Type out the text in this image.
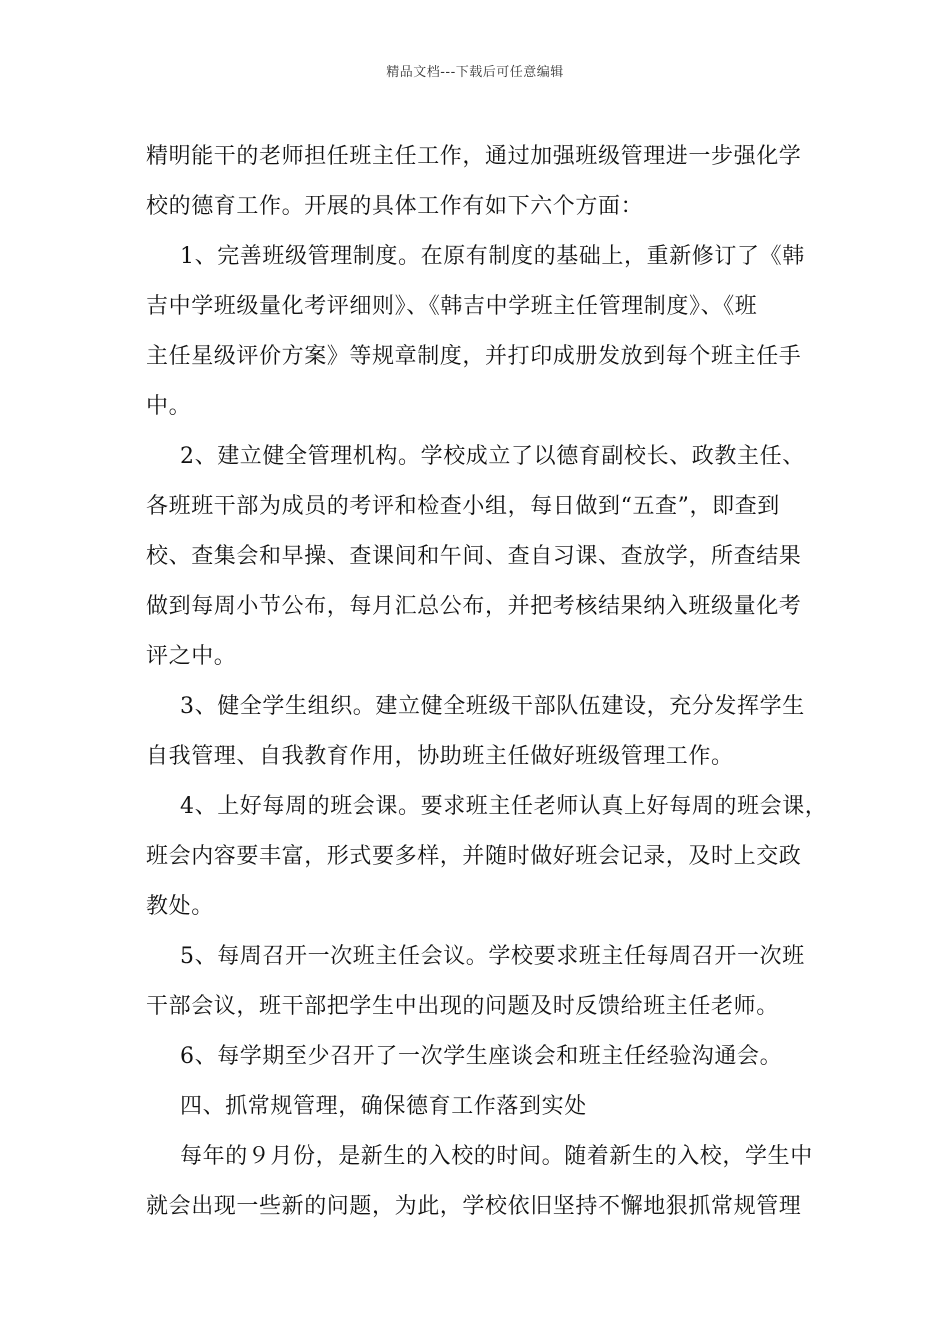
精品文档---下载后可任意编辑
精明能干的老师担任班主任工作，通过加强班级管理进一步强化学
校的德育工作。开展的具体工作有如下六个方面：
1、完善班级管理制度。在原有制度的基础上，重新修订了《韩
吉中学班级量化考评细则》、《韩吉中学班主任管理制度》、《班
主任星级评价方案》等规章制度，并打印成册发放到每个班主任手
中。
2、建立健全管理机构。学校成立了以德育副校长、政教主任、
各班班干部为成员的考评和检查小组，每日做到“五查”，即查到
校、查集会和早操、查课间和午间、查自习课、查放学，所查结果
做到每周小节公布，每月汇总公布，并把考核结果纳入班级量化考
评之中。
3、健全学生组织。建立健全班级干部队伍建设，充分发挥学生
自我管理、自我教育作用，协助班主任做好班级管理工作。
4、上好每周的班会课。要求班主任老师认真上好每周的班会课，
班会内容要丰富，形式要多样，并随时做好班会记录，及时上交政
教处。
5、每周召开一次班主任会议。学校要求班主任每周召开一次班
干部会议，班干部把学生中出现的问题及时反馈给班主任老师。
6、每学期至少召开了一次学生座谈会和班主任经验沟通会。
四、抓常规管理，确保德育工作落到实处
每年的９月份，是新生的入校的时间。随着新生的入校，学生中
就会出现一些新的问题，为此，学校依旧坚持不懈地狠抓常规管理
